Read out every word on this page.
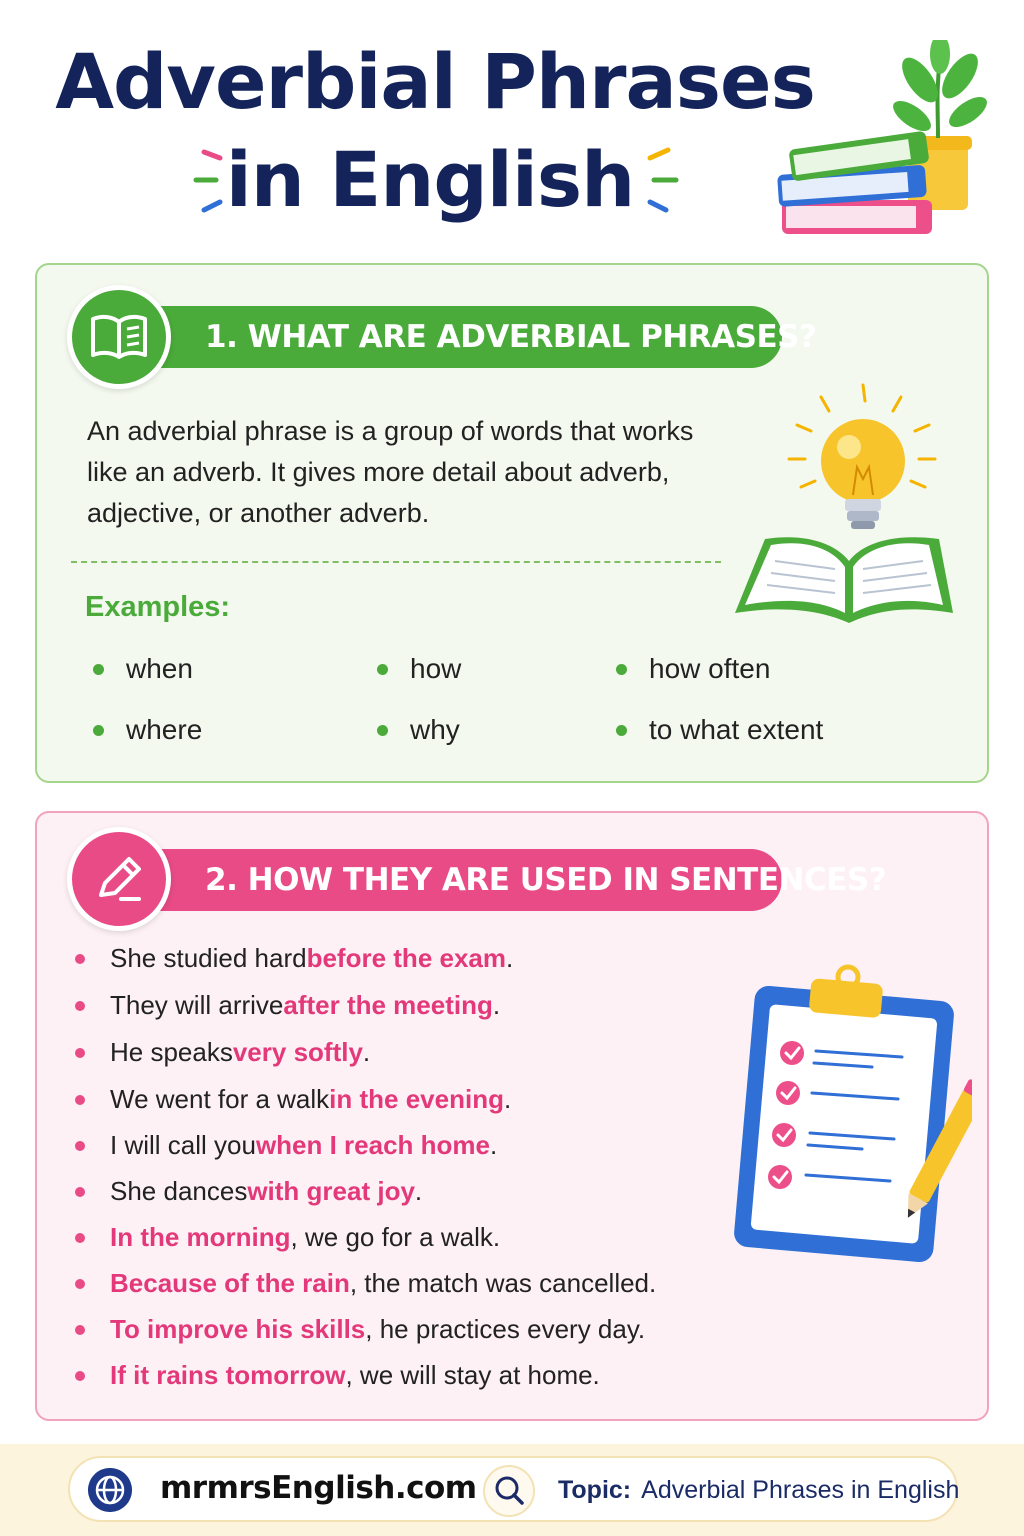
Adverbial Phrases
in English
1. WHAT ARE ADVERBIAL PHRASES?

An adverbial phrase is a group of words that works like an adverb. It gives more detail about adverb, adjective, or another adverb.

Examples:
when	how	how often
where	why	to what extent
2. HOW THEY ARE USED IN SENTENCES?
She studied hard before the exam .
They will arrive after the meeting .
He speaks very softly .
We went for a walk in the evening .
I will call you when I reach home .
She dances with great joy .
In the morning , we go for a walk.
Because of the rain , the match was cancelled.
To improve his skills , he practices every day.
If it rains tomorrow , we will stay at home.
mrmrsEnglish.com	Topic: Adverbial Phrases in English
